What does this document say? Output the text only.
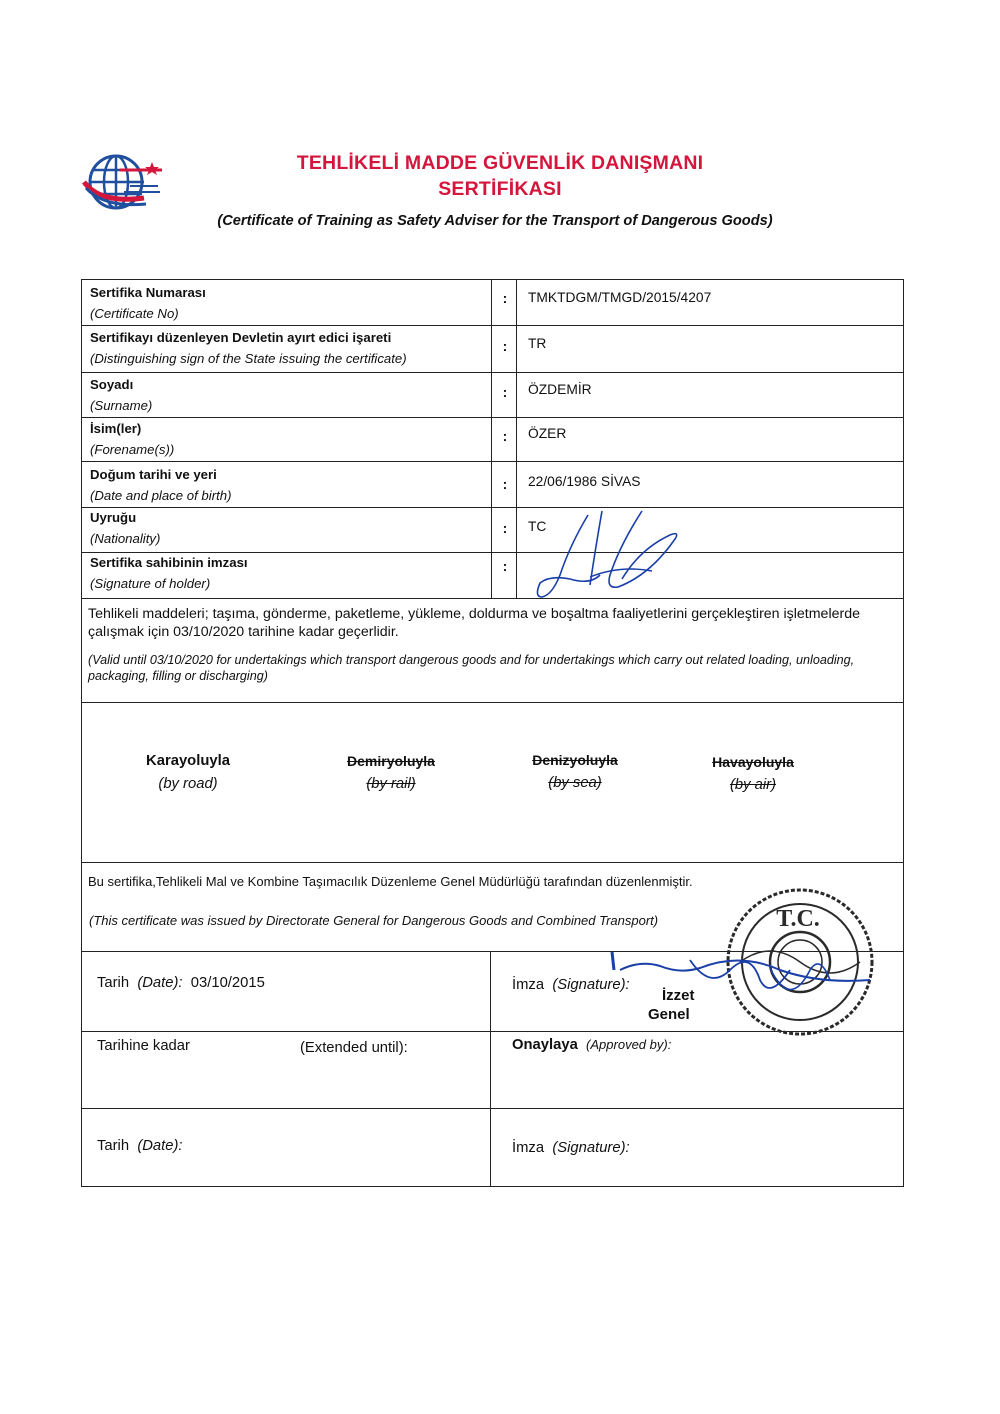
TEHLİKELİ MADDE GÜVENLİK DANIŞMANI
SERTİFİKASI
(Certificate of Training as Safety Adviser for the Transport of Dangerous Goods)
Sertifika Numarası
(Certificate No)
: TMKTDGM/TMGD/2015/4207
Sertifikayı düzenleyen Devletin ayırt edici işareti
(Distinguishing sign of the State issuing the certificate)
: TR
Soyadı
(Surname)
: ÖZDEMİR
İsim(ler)
(Forename(s))
: ÖZER
Doğum tarihi ve yeri
(Date and place of birth)
: 22/06/1986 SİVAS
Uyruğu
(Nationality)
: TC
Sertifika sahibinin imzası
(Signature of holder)
:
Tehlikeli maddeleri; taşıma, gönderme, paketleme, yükleme, doldurma ve boşaltma faaliyetlerini gerçekleştiren işletmelerde çalışmak için 03/10/2020 tarihine kadar geçerlidir.
(Valid until 03/10/2020 for undertakings which transport dangerous goods and for undertakings which carry out related loading, unloading, packaging, filling or discharging)
Karayoluyla
(by road)
Demiryoluyla
(by rail)
Denizyoluyla
(by sea)
Havayoluyla
(by air)
Bu sertifika,Tehlikeli Mal ve Kombine Taşımacılık Düzenleme Genel Müdürlüğü tarafından düzenlenmiştir.
(This certificate was issued by Directorate General for Dangerous Goods and Combined Transport)
Tarih (Date): 03/10/2015	İmza (Signature):
İzzet
Genel
Tarihine kadar	(Extended until):	Onaylaya (Approved by):
Tarih (Date):	İmza (Signature):
T.C.
